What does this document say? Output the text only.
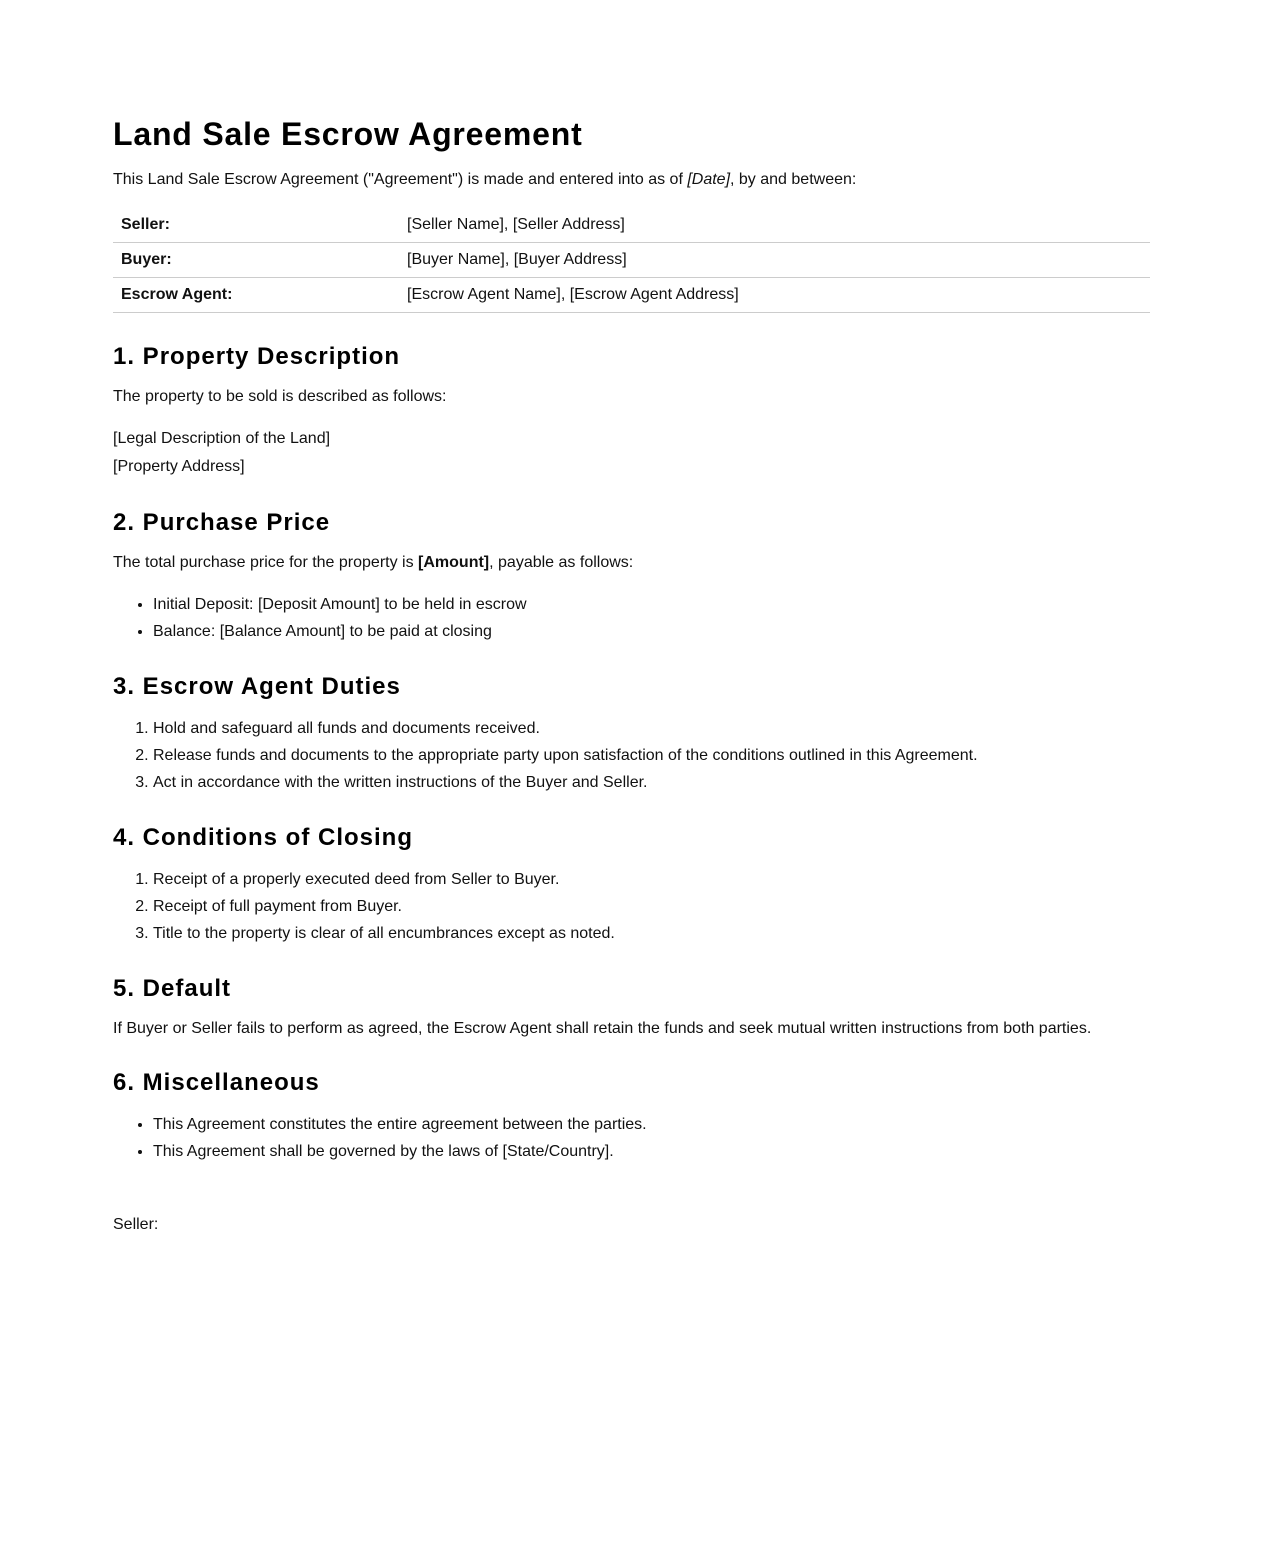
Land Sale Escrow Agreement

This Land Sale Escrow Agreement ("Agreement") is made and entered into as of [Date], by and between:

Seller:	[Seller Name], [Seller Address]
Buyer:	[Buyer Name], [Buyer Address]
Escrow Agent:	[Escrow Agent Name], [Escrow Agent Address]
1. Property Description

The property to be sold is described as follows:

[Legal Description of the Land]
[Property Address]
2. Purchase Price

The total purchase price for the property is [Amount], payable as follows:

• Initial Deposit: [Deposit Amount] to be held in escrow
• Balance: [Balance Amount] to be paid at closing
3. Escrow Agent Duties
1. Hold and safeguard all funds and documents received.
2. Release funds and documents to the appropriate party upon satisfaction of the conditions outlined in this Agreement.
3. Act in accordance with the written instructions of the Buyer and Seller.
4. Conditions of Closing
1. Receipt of a properly executed deed from Seller to Buyer.
2. Receipt of full payment from Buyer.
3. Title to the property is clear of all encumbrances except as noted.
5. Default

If Buyer or Seller fails to perform as agreed, the Escrow Agent shall retain the funds and seek mutual written instructions from both parties.

6. Miscellaneous
• This Agreement constitutes the entire agreement between the parties.
• This Agreement shall be governed by the laws of [State/Country].

Seller:
